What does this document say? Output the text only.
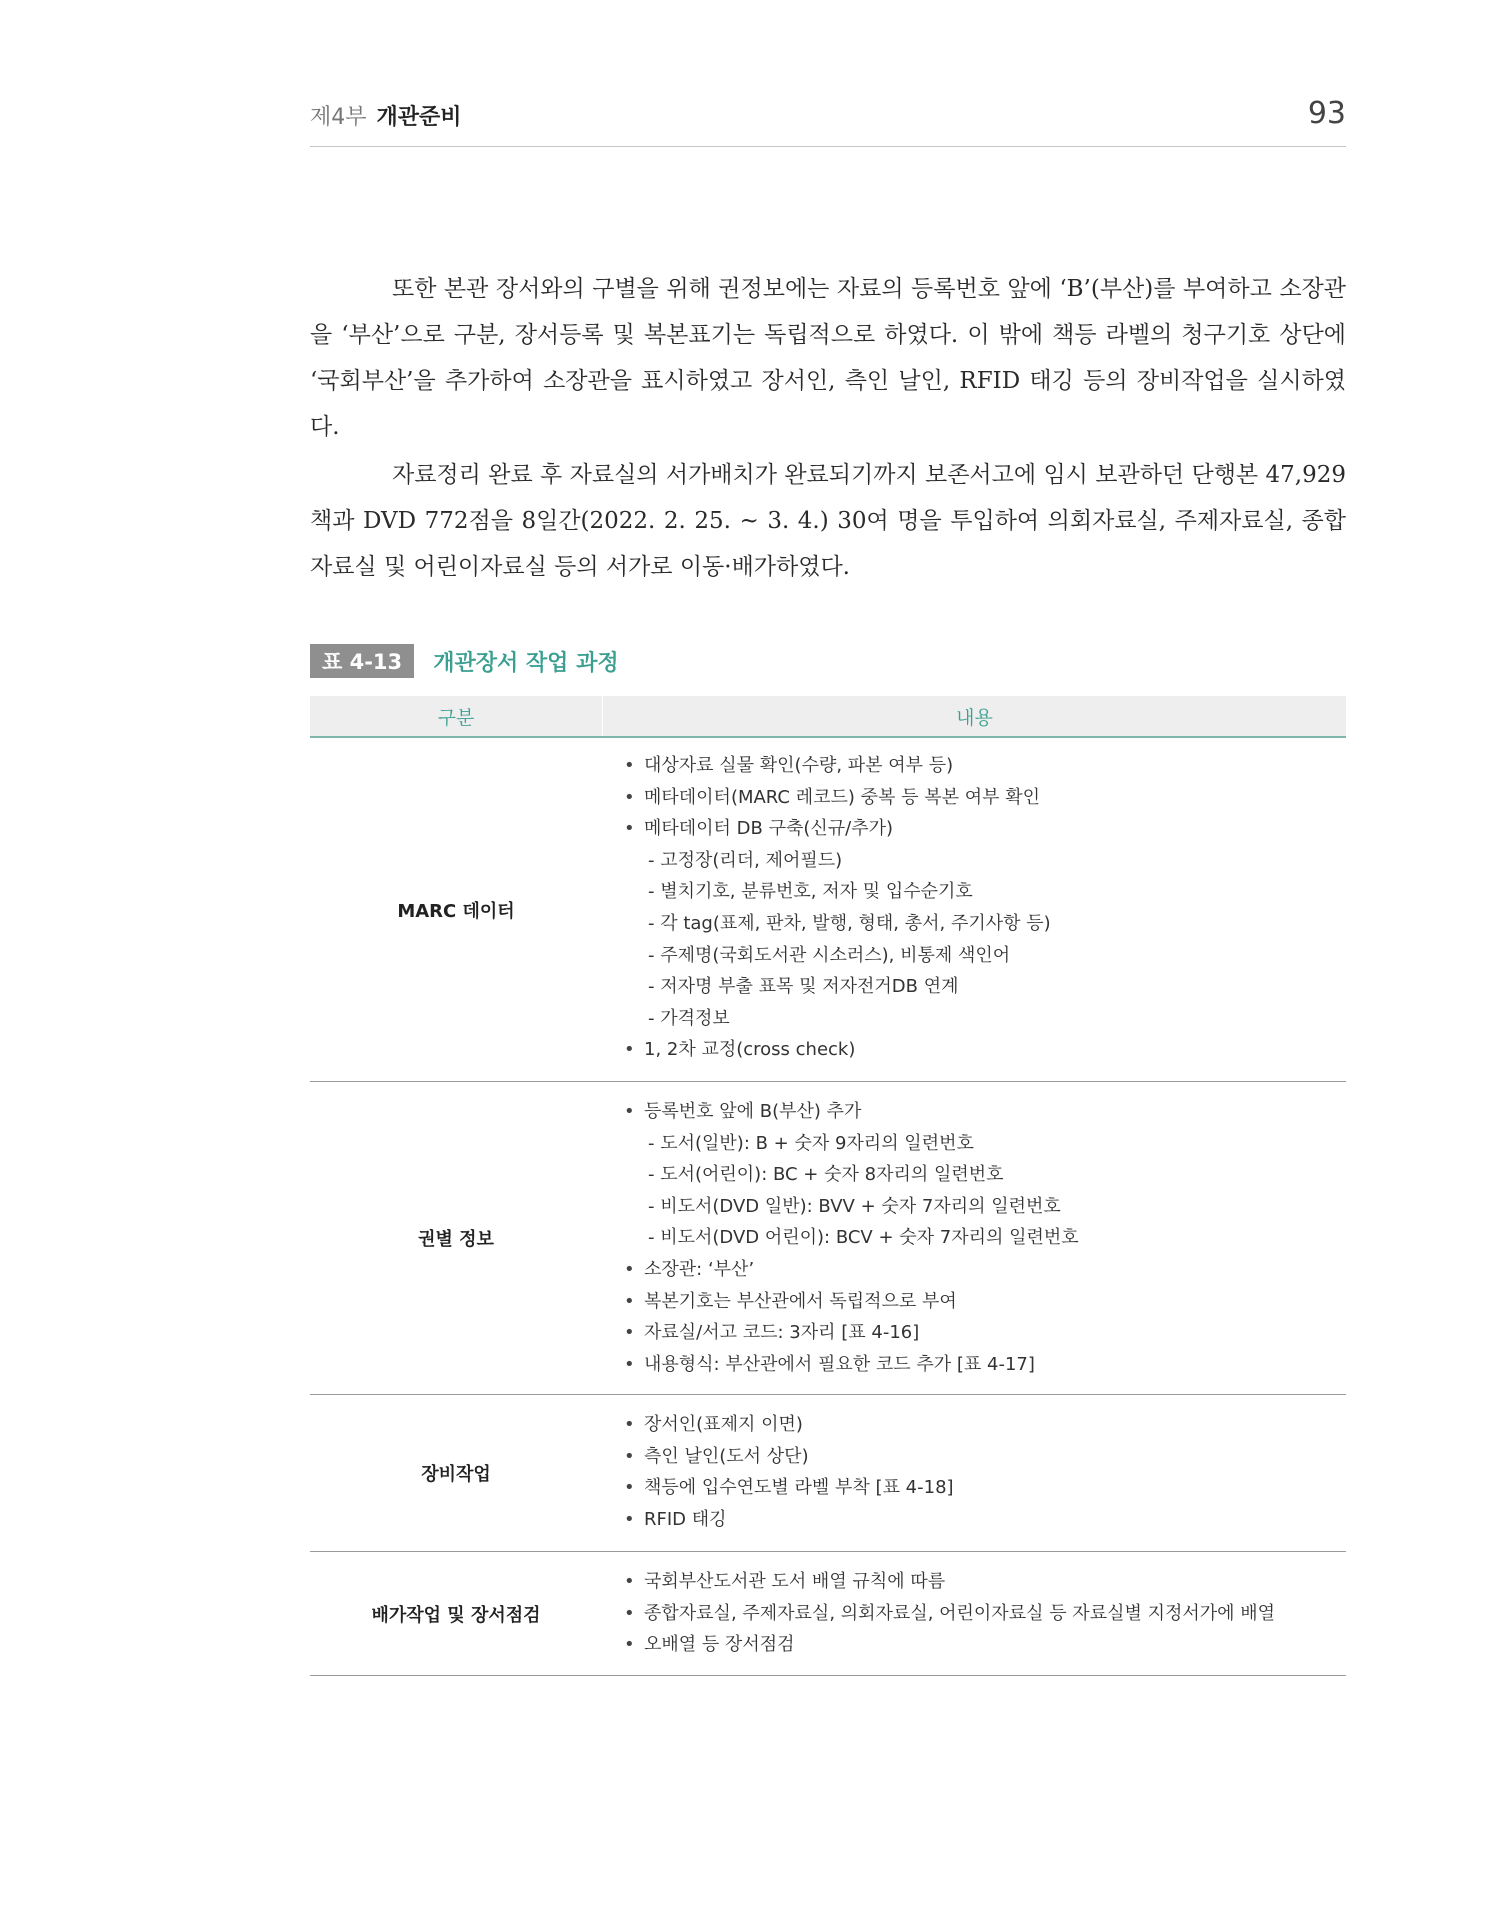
제4부 개관준비	93

또한 본관 장서와의 구별을 위해 권정보에는 자료의 등록번호 앞에 ‘B’(부산)를 부여하고 소장관을 ‘부산’으로 구분, 장서등록 및 복본표기는 독립적으로 하였다. 이 밖에 책등 라벨의 청구기호 상단에 ‘국회부산’을 추가하여 소장관을 표시하였고 장서인, 측인 날인, RFID 태깅 등의 장비작업을 실시하였다.

자료정리 완료 후 자료실의 서가배치가 완료되기까지 보존서고에 임시 보관하던 단행본 47,929책과 DVD 772점을 8일간(2022. 2. 25. ~ 3. 4.) 30여 명을 투입하여 의회자료실, 주제자료실, 종합자료실 및 어린이자료실 등의 서가로 이동·배가하였다.

표 4-13 개관장서 작업 과정
구분	내용
MARC 데이터
• 대상자료 실물 확인(수량, 파본 여부 등)
• 메타데이터(MARC 레코드) 중복 등 복본 여부 확인
• 메타데이터 DB 구축(신규/추가)
- 고정장(리더, 제어필드)
- 별치기호, 분류번호, 저자 및 입수순기호
- 각 tag(표제, 판차, 발행, 형태, 총서, 주기사항 등)
- 주제명(국회도서관 시소러스), 비통제 색인어
- 저자명 부출 표목 및 저자전거DB 연계
- 가격정보
• 1, 2차 교정(cross check)
권별 정보
• 등록번호 앞에 B(부산) 추가
- 도서(일반): B + 숫자 9자리의 일련번호
- 도서(어린이): BC + 숫자 8자리의 일련번호
- 비도서(DVD 일반): BVV + 숫자 7자리의 일련번호
- 비도서(DVD 어린이): BCV + 숫자 7자리의 일련번호
• 소장관: ‘부산’
• 복본기호는 부산관에서 독립적으로 부여
• 자료실/서고 코드: 3자리 [표 4-16]
• 내용형식: 부산관에서 필요한 코드 추가 [표 4-17]
장비작업
• 장서인(표제지 이면)
• 측인 날인(도서 상단)
• 책등에 입수연도별 라벨 부착 [표 4-18]
• RFID 태깅
배가작업 및 장서점검
• 국회부산도서관 도서 배열 규칙에 따름
• 종합자료실, 주제자료실, 의회자료실, 어린이자료실 등 자료실별 지정서가에 배열
• 오배열 등 장서점검
